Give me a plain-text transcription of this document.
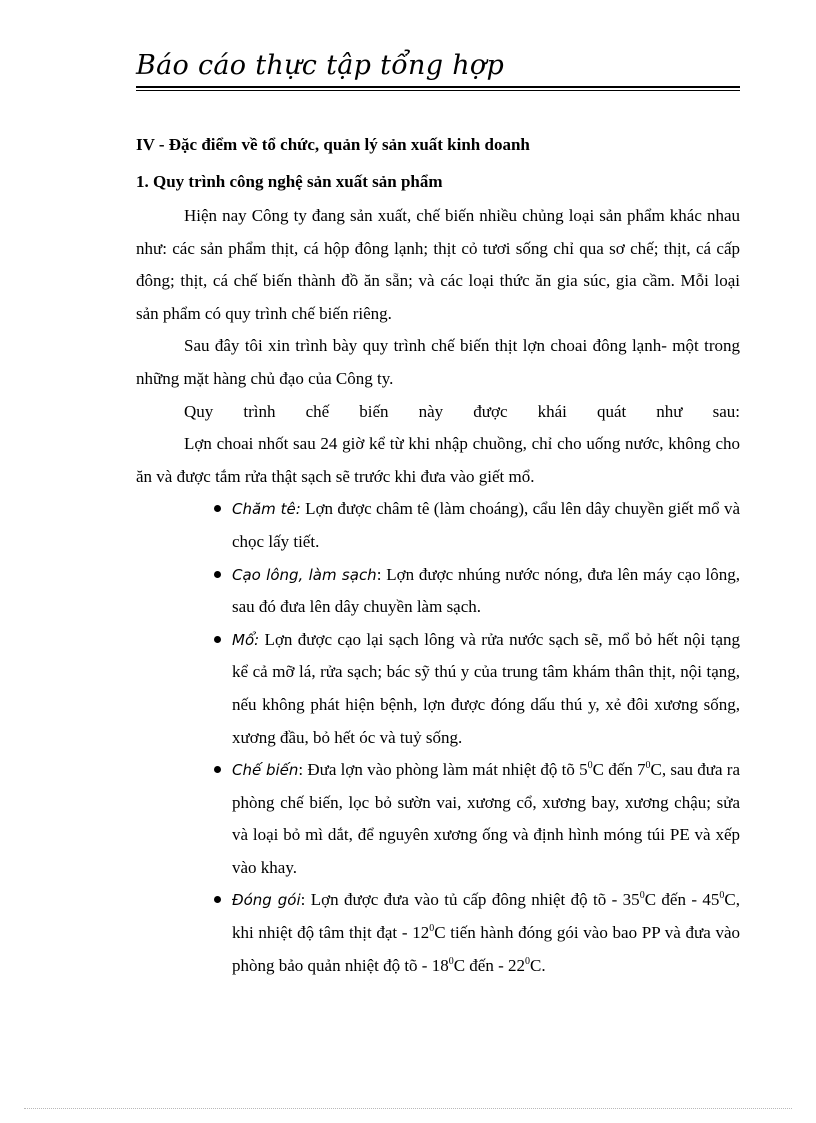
Báo cáo thực tập tổng hợp
IV - Đặc điểm về tổ chức, quản lý sản xuất kinh doanh
1. Quy trình công nghệ sản xuất sản phẩm
Hiện nay Công ty đang sản xuất, chế biến nhiều chủng loại sản phẩm khác nhau như: các sản phẩm thịt, cá hộp đông lạnh; thịt cỏ tươi sống chỉ qua sơ chế; thịt, cá cấp đông; thịt, cá chế biến thành đồ ăn sẵn; và các loại thức ăn gia súc, gia cầm. Mỗi loại sản phẩm có quy trình chế biến riêng.
Sau đây tôi xin trình bày quy trình chế biến thịt lợn choai đông lạnh- một trong những mặt hàng chủ đạo của Công ty.
Quy trình chế biến này được khái quát như sau:
Lợn choai nhốt sau 24 giờ kể từ khi nhập chuồng, chỉ cho uống nước, không cho ăn và được tắm rửa thật sạch sẽ trước khi đưa vào giết mổ.
Chăm tê: Lợn được châm tê (làm choáng), cẩu lên dây chuyền giết mổ và chọc lấy tiết.
Cạo lông, làm sạch: Lợn được nhúng nước nóng, đưa lên máy cạo lông, sau đó đưa lên dây chuyền làm sạch.
Mổ: Lợn được cạo lại sạch lông và rửa nước sạch sẽ, mổ bỏ hết nội tạng kể cả mỡ lá, rửa sạch; bác sỹ thú y của trung tâm khám thân thịt, nội tạng, nếu không phát hiện bệnh, lợn được đóng dấu thú y, xẻ đôi xương sống, xương đầu, bỏ hết óc và tuỷ sống.
Chế biến: Đưa lợn vào phòng làm mát nhiệt độ tõ $5^0C$ đến $7^0C$, sau đưa ra phòng chế biến, lọc bỏ sườn vai, xương cổ, xương bay, xương chậu; sửa và loại bỏ mì dắt, để nguyên xương ống và định hình móng túi PE và xếp vào khay.
Đóng gói: Lợn được đưa vào tủ cấp đông nhiệt độ tõ - $35^0C$ đến - $45^0C$, khi nhiệt độ tâm thịt đạt - $12^0C$ tiến hành đóng gói vào bao PP và đưa vào phòng bảo quản nhiệt độ tõ - $18^0C$ đến - $22^0C$.
